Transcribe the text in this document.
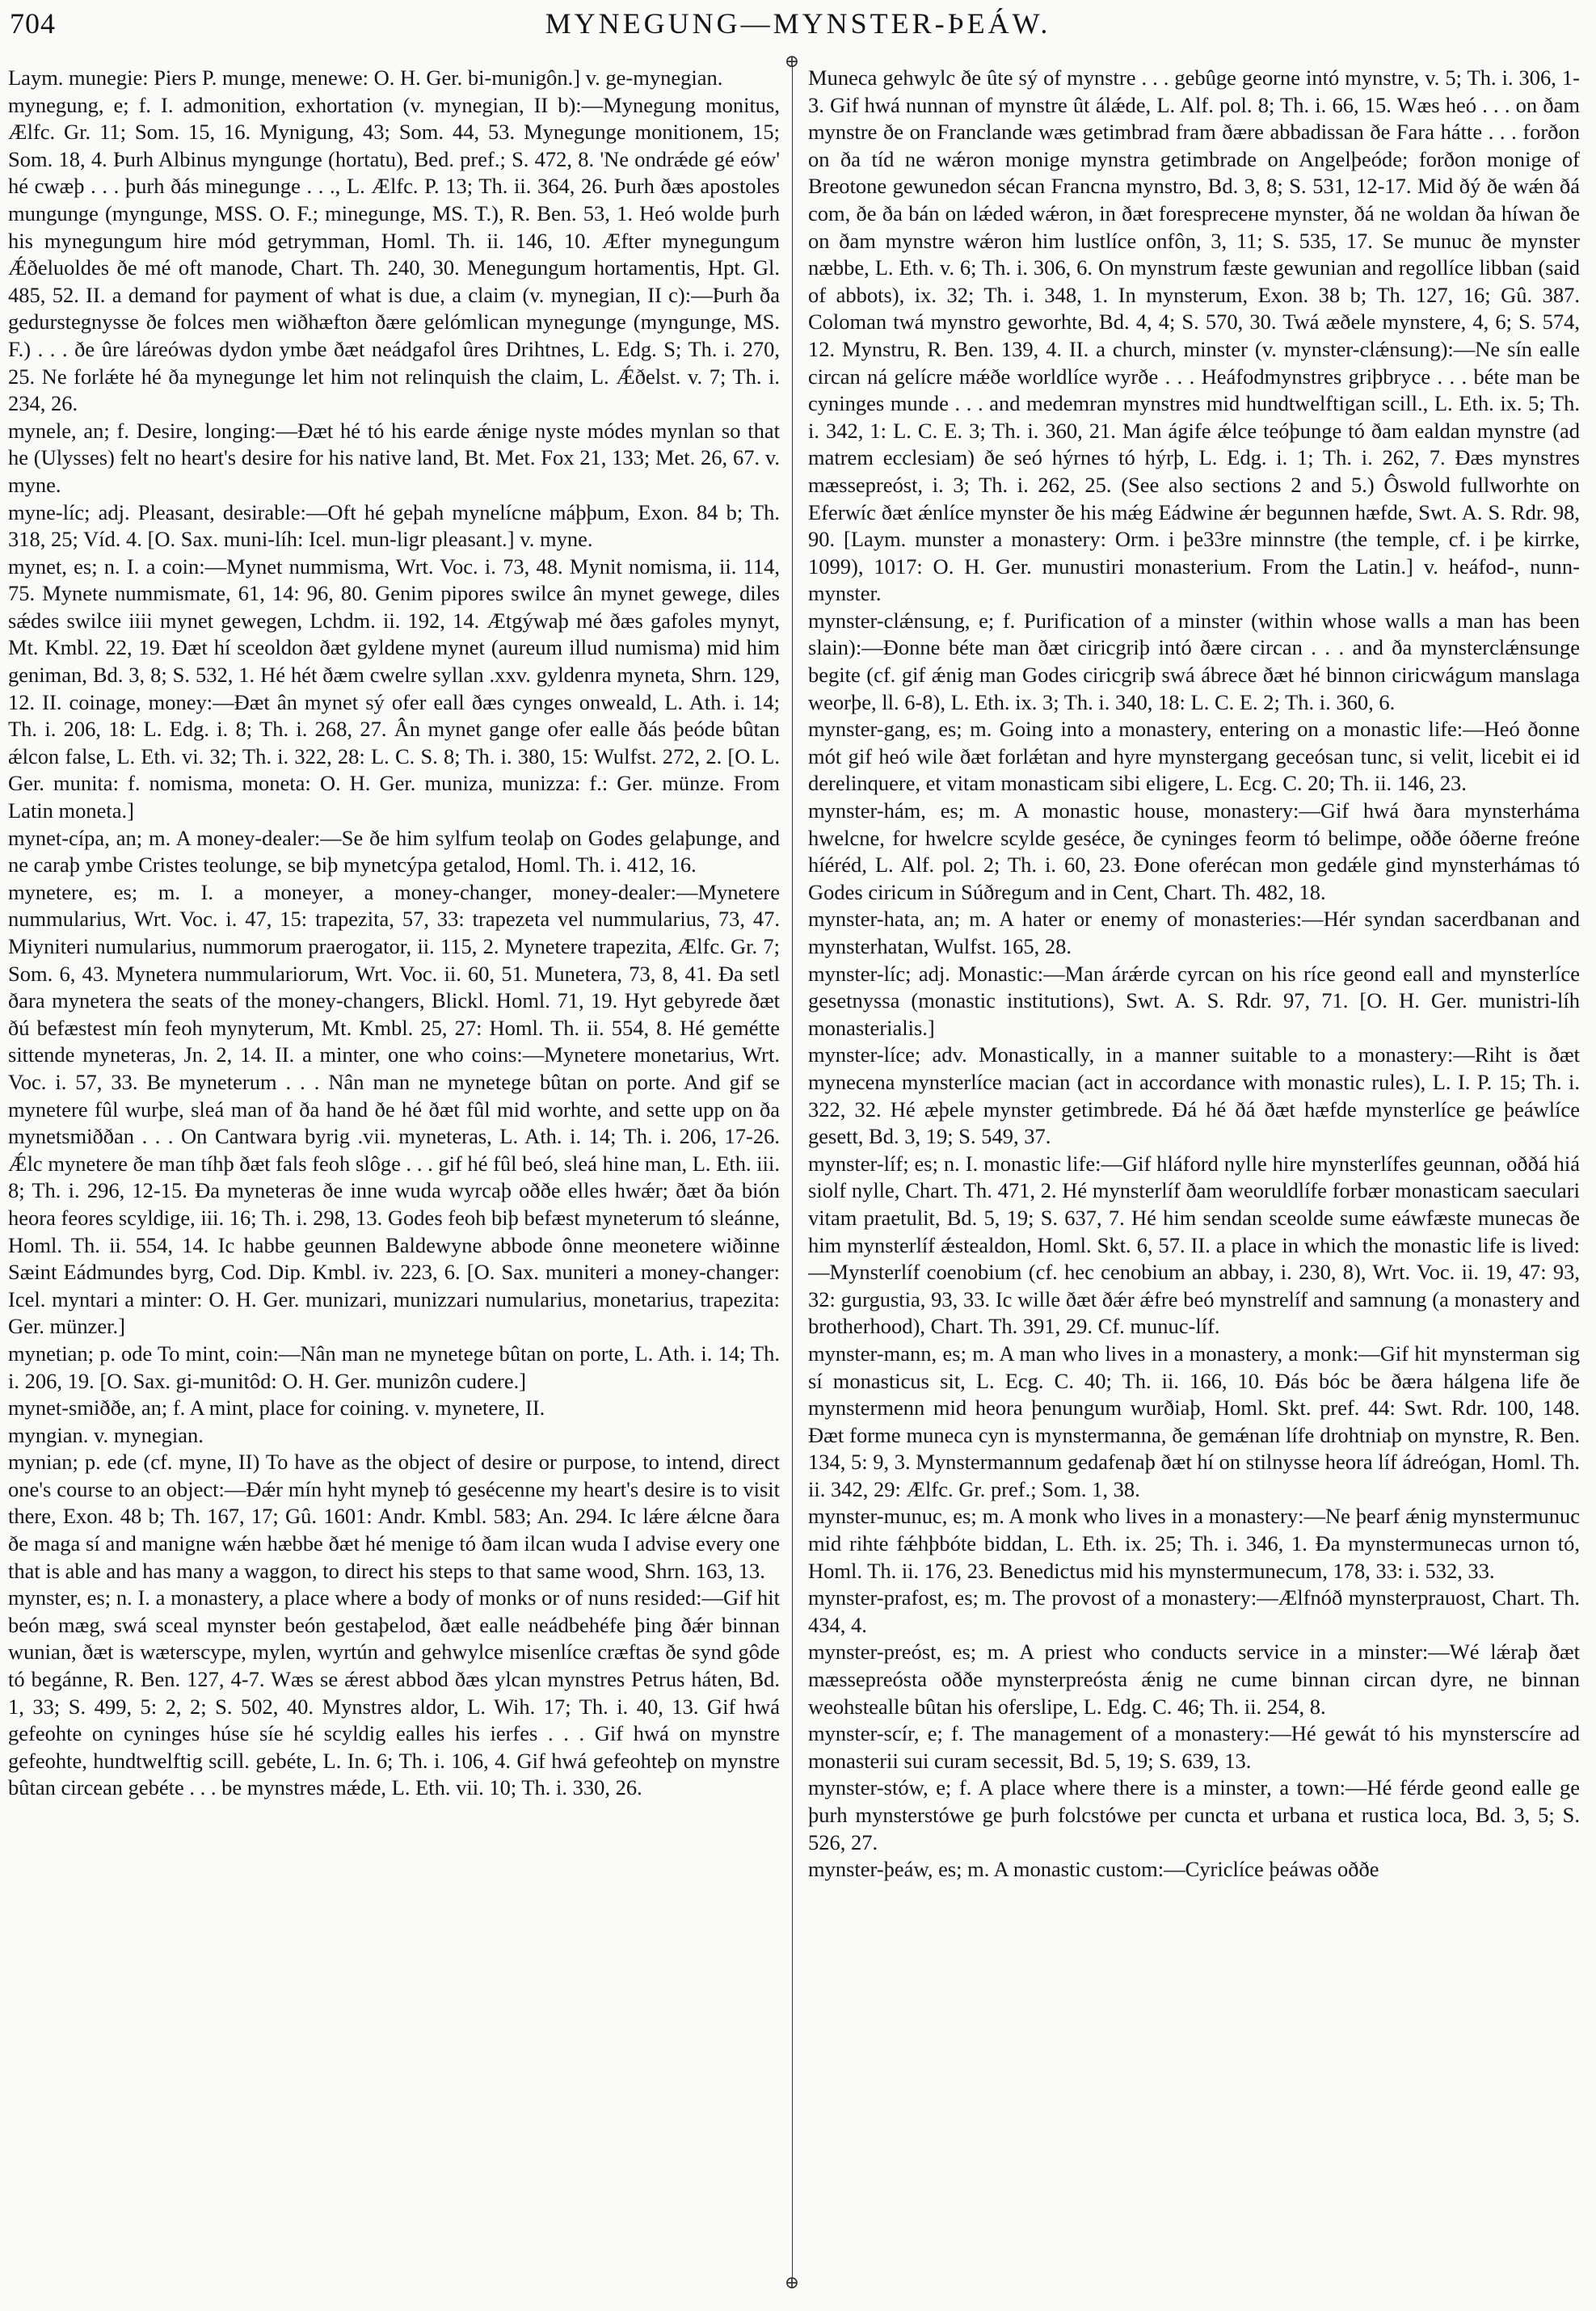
704	MYNEGUNG—MYNSTER-ÞEÁW.
⊕
⊕

Laym. munegie: Piers P. munge, menewe: O. H. Ger. bi-munigôn.] v. ge-mynegian.

mynegung, e; f. I. admonition, exhortation (v. mynegian, II b):—Mynegung monitus, Ælfc. Gr. 11; Som. 15, 16. Mynigung, 43; Som. 44, 53. Mynegunge monitionem, 15; Som. 18, 4. Þurh Albinus myngunge (hortatu), Bed. pref.; S. 472, 8. 'Ne ondrǽde gé eów' hé cwæþ . . . þurh ðás minegunge . . ., L. Ælfc. P. 13; Th. ii. 364, 26. Þurh ðæs apostoles mungunge (myngunge, MSS. O. F.; minegunge, MS. T.), R. Ben. 53, 1. Heó wolde þurh his mynegungum hire mód getrymman, Homl. Th. ii. 146, 10. Æfter mynegungum Ǽðeluoldes ðe mé oft manode, Chart. Th. 240, 30. Menegungum hortamentis, Hpt. Gl. 485, 52. II. a demand for payment of what is due, a claim (v. mynegian, II c):—Þurh ða gedurstegnysse ðe folces men wiðhæfton ðære gelómlican mynegunge (myngunge, MS. F.) . . . ðe ûre láreówas dydon ymbe ðæt neádgafol ûres Drihtnes, L. Edg. S; Th. i. 270, 25. Ne forlǽte hé ða mynegunge let him not relinquish the claim, L. Ǽðelst. v. 7; Th. i. 234, 26.

mynele, an; f. Desire, longing:—Ðæt hé tó his earde ǽnige nyste módes mynlan so that he (Ulysses) felt no heart's desire for his native land, Bt. Met. Fox 21, 133; Met. 26, 67. v. myne.

myne-líc; adj. Pleasant, desirable:—Oft hé geþah mynelícne máþþum, Exon. 84 b; Th. 318, 25; Víd. 4. [O. Sax. muni-líh: Icel. mun-ligr pleasant.] v. myne.

mynet, es; n. I. a coin:—Mynet nummisma, Wrt. Voc. i. 73, 48. Mynit nomisma, ii. 114, 75. Mynete nummismate, 61, 14: 96, 80. Genim pipores swilce ân mynet gewege, diles sǽdes swilce iiii mynet gewegen, Lchdm. ii. 192, 14. Ætgýwaþ mé ðæs gafoles mynyt, Mt. Kmbl. 22, 19. Ðæt hí sceoldon ðæt gyldene mynet (aureum illud numisma) mid him geniman, Bd. 3, 8; S. 532, 1. Hé hét ðæm cwelre syllan .xxv. gyldenra myneta, Shrn. 129, 12. II. coinage, money:—Ðæt ân mynet sý ofer eall ðæs cynges onweald, L. Ath. i. 14; Th. i. 206, 18: L. Edg. i. 8; Th. i. 268, 27. Ân mynet gange ofer ealle ðás þeóde bûtan ǽlcon false, L. Eth. vi. 32; Th. i. 322, 28: L. C. S. 8; Th. i. 380, 15: Wulfst. 272, 2. [O. L. Ger. munita: f. nomisma, moneta: O. H. Ger. muniza, munizza: f.: Ger. münze. From Latin moneta.]

mynet-cípa, an; m. A money-dealer:—Se ðe him sylfum teolaþ on Godes gelaþunge, and ne caraþ ymbe Cristes teolunge, se biþ mynetcýpa getalod, Homl. Th. i. 412, 16.

mynetere, es; m. I. a moneyer, a money-changer, money-dealer:—Mynetere nummularius, Wrt. Voc. i. 47, 15: trapezita, 57, 33: trapezeta vel nummularius, 73, 47. Miyniteri numularius, nummorum praerogator, ii. 115, 2. Mynetere trapezita, Ælfc. Gr. 7; Som. 6, 43. Mynetera nummulariorum, Wrt. Voc. ii. 60, 51. Munetera, 73, 8, 41. Ða setl ðara mynetera the seats of the money-changers, Blickl. Homl. 71, 19. Hyt gebyrede ðæt ðú befæstest mín feoh mynyterum, Mt. Kmbl. 25, 27: Homl. Th. ii. 554, 8. Hé gemétte sittende myneteras, Jn. 2, 14. II. a minter, one who coins:—Mynetere monetarius, Wrt. Voc. i. 57, 33. Be myneterum . . . Nân man ne mynetege bûtan on porte. And gif se mynetere fûl wurþe, sleá man of ða hand ðe hé ðæt fûl mid worhte, and sette upp on ða mynetsmiððan . . . On Cantwara byrig .vii. myneteras, L. Ath. i. 14; Th. i. 206, 17-26. Ǽlc mynetere ðe man tíhþ ðæt fals feoh slôge . . . gif hé fûl beó, sleá hine man, L. Eth. iii. 8; Th. i. 296, 12-15. Ða myneteras ðe inne wuda wyrcaþ oððe elles hwǽr; ðæt ða bión heora feores scyldige, iii. 16; Th. i. 298, 13. Godes feoh biþ befæst myneterum tó sleánne, Homl. Th. ii. 554, 14. Ic habbe geunnen Baldewyne abbode ônne meonetere wiðinne Sæint Eádmundes byrg, Cod. Dip. Kmbl. iv. 223, 6. [O. Sax. muniteri a money-changer: Icel. myntari a minter: O. H. Ger. munizari, munizzari numularius, monetarius, trapezita: Ger. münzer.]

mynetian; p. ode To mint, coin:—Nân man ne mynetege bûtan on porte, L. Ath. i. 14; Th. i. 206, 19. [O. Sax. gi-munitôd: O. H. Ger. munizôn cudere.]

mynet-smiððe, an; f. A mint, place for coining. v. mynetere, II.

myngian. v. mynegian.

mynian; p. ede (cf. myne, II) To have as the object of desire or purpose, to intend, direct one's course to an object:—Ðǽr mín hyht myneþ tó gesécenne my heart's desire is to visit there, Exon. 48 b; Th. 167, 17; Gû. 1601: Andr. Kmbl. 583; An. 294. Ic lǽre ǽlcne ðara ðe maga sí and manigne wǽn hæbbe ðæt hé menige tó ðam ilcan wuda I advise every one that is able and has many a waggon, to direct his steps to that same wood, Shrn. 163, 13.

mynster, es; n. I. a monastery, a place where a body of monks or of nuns resided:—Gif hit beón mæg, swá sceal mynster beón gestaþelod, ðæt ealle neádbehéfe þing ðǽr binnan wunian, ðæt is wæterscype, mylen, wyrtún and gehwylce misenlíce cræftas ðe synd gôde tó begánne, R. Ben. 127, 4-7. Wæs se ǽrest abbod ðæs ylcan mynstres Petrus háten, Bd. 1, 33; S. 499, 5: 2, 2; S. 502, 40. Mynstres aldor, L. Wih. 17; Th. i. 40, 13. Gif hwá gefeohte on cyninges húse síe hé scyldig ealles his ierfes . . . Gif hwá on mynstre gefeohte, hundtwelftig scill. gebéte, L. In. 6; Th. i. 106, 4. Gif hwá gefeohteþ on mynstre bûtan circean gebéte . . . be mynstres mǽde, L. Eth. vii. 10; Th. i. 330, 26.

Muneca gehwylc ðe ûte sý of mynstre . . . gebûge georne intó mynstre, v. 5; Th. i. 306, 1-3. Gif hwá nunnan of mynstre ût álǽde, L. Alf. pol. 8; Th. i. 66, 15. Wæs heó . . . on ðam mynstre ðe on Franclande wæs getimbrad fram ðære abbadissan ðe Fara hátte . . . forðon on ða tíd ne wǽron monige mynstra getimbrade on Angelþeóde; forðon monige of Breotone gewunedon sécan Francna mynstro, Bd. 3, 8; S. 531, 12-17. Mid ðý ðe wǽn ðá com, ðe ða bán on lǽded wǽron, in ðæt forespreceне mynster, ðá ne woldan ða híwan ðe on ðam mynstre wǽron him lustlíce onfôn, 3, 11; S. 535, 17. Se munuc ðe mynster næbbe, L. Eth. v. 6; Th. i. 306, 6. On mynstrum fæste gewunian and regollíce libban (said of abbots), ix. 32; Th. i. 348, 1. In mynsterum, Exon. 38 b; Th. 127, 16; Gû. 387. Coloman twá mynstro geworhte, Bd. 4, 4; S. 570, 30. Twá æðele mynstere, 4, 6; S. 574, 12. Mynstru, R. Ben. 139, 4. II. a church, minster (v. mynster-clǽnsung):—Ne sín ealle circan ná gelícre mǽðe worldlíce wyrðe . . . Heáfodmynstres griþbryce . . . béte man be cyninges munde . . . and medemran mynstres mid hundtwelftigan scill., L. Eth. ix. 5; Th. i. 342, 1: L. C. E. 3; Th. i. 360, 21. Man ágife ǽlce teóþunge tó ðam ealdan mynstre (ad matrem ecclesiam) ðe seó hýrnes tó hýrþ, L. Edg. i. 1; Th. i. 262, 7. Ðæs mynstres mæssepreóst, i. 3; Th. i. 262, 25. (See also sections 2 and 5.) Ôswold fullworhte on Eferwíc ðæt ǽnlíce mynster ðe his mǽg Eádwine ǽr begunnen hæfde, Swt. A. S. Rdr. 98, 90. [Laym. munster a monastery: Orm. i þe33re minnstre (the temple, cf. i þe kirrke, 1099), 1017: O. H. Ger. munustiri monasterium. From the Latin.] v. heáfod-, nunn-mynster.

mynster-clǽnsung, e; f. Purification of a minster (within whose walls a man has been slain):—Ðonne béte man ðæt ciricgriþ intó ðære circan . . . and ða mynsterclǽnsunge begite (cf. gif ǽnig man Godes ciricgriþ swá ábrece ðæt hé binnon ciricwágum manslaga weorþe, ll. 6-8), L. Eth. ix. 3; Th. i. 340, 18: L. C. E. 2; Th. i. 360, 6.

mynster-gang, es; m. Going into a monastery, entering on a monastic life:—Heó ðonne mót gif heó wile ðæt forlǽtan and hyre mynstergang geceósan tunc, si velit, licebit ei id derelinquere, et vitam monasticam sibi eligere, L. Ecg. C. 20; Th. ii. 146, 23.

mynster-hám, es; m. A monastic house, monastery:—Gif hwá ðara mynsterháma hwelcne, for hwelcre scylde geséce, ðe cyninges feorm tó belimpe, oððe óðerne freóne híéréd, L. Alf. pol. 2; Th. i. 60, 23. Ðone oferécan mon gedǽle gind mynsterhámas tó Godes ciricum in Súðregum and in Cent, Chart. Th. 482, 18.

mynster-hata, an; m. A hater or enemy of monasteries:—Hér syndan sacerdbanan and mynsterhatan, Wulfst. 165, 28.

mynster-líc; adj. Monastic:—Man árǽrde cyrcan on his ríce geond eall and mynsterlíce gesetnyssa (monastic institutions), Swt. A. S. Rdr. 97, 71. [O. H. Ger. munistri-líh monasterialis.]

mynster-líce; adv. Monastically, in a manner suitable to a monastery:—Riht is ðæt mynecena mynsterlíce macian (act in accordance with monastic rules), L. I. P. 15; Th. i. 322, 32. Hé æþele mynster getimbrede. Ðá hé ðá ðæt hæfde mynsterlíce ge þeáwlíce gesett, Bd. 3, 19; S. 549, 37.

mynster-líf; es; n. I. monastic life:—Gif hláford nylle hire mynsterlífes geunnan, oððá hiá siolf nylle, Chart. Th. 471, 2. Hé mynsterlíf ðam weoruldlífe forbær monasticam saeculari vitam praetulit, Bd. 5, 19; S. 637, 7. Hé him sendan sceolde sume eáwfæste munecas ðe him mynsterlíf ǽstealdon, Homl. Skt. 6, 57. II. a place in which the monastic life is lived:—Mynsterlíf coenobium (cf. hec cenobium an abbay, i. 230, 8), Wrt. Voc. ii. 19, 47: 93, 32: gurgustia, 93, 33. Ic wille ðæt ðǽr ǽfre beó mynstrelíf and samnung (a monastery and brotherhood), Chart. Th. 391, 29. Cf. munuc-líf.

mynster-mann, es; m. A man who lives in a monastery, a monk:—Gif hit mynsterman sig sí monasticus sit, L. Ecg. C. 40; Th. ii. 166, 10. Ðás bóc be ðæra hálgena life ðe mynstermenn mid heora þenungum wurðiaþ, Homl. Skt. pref. 44: Swt. Rdr. 100, 148. Ðæt forme muneca cyn is mynstermanna, ðe gemǽnan lífe drohtniaþ on mynstre, R. Ben. 134, 5: 9, 3. Mynstermannum gedafenaþ ðæt hí on stilnysse heora líf ádreógan, Homl. Th. ii. 342, 29: Ælfc. Gr. pref.; Som. 1, 38.

mynster-munuc, es; m. A monk who lives in a monastery:—Ne þearf ǽnig mynstermunuc mid rihte fǽhþbóte biddan, L. Eth. ix. 25; Th. i. 346, 1. Ða mynstermunecas urnon tó, Homl. Th. ii. 176, 23. Benedictus mid his mynstermunecum, 178, 33: i. 532, 33.

mynster-prafost, es; m. The provost of a monastery:—Ælfnóð mynsterprauost, Chart. Th. 434, 4.

mynster-preóst, es; m. A priest who conducts service in a minster:—Wé lǽraþ ðæt mæssepreósta oððe mynsterpreósta ǽnig ne cume binnan circan dyre, ne binnan weohstealle bûtan his oferslipe, L. Edg. C. 46; Th. ii. 254, 8.

mynster-scír, e; f. The management of a monastery:—Hé gewát tó his mynsterscíre ad monasterii sui curam secessit, Bd. 5, 19; S. 639, 13.

mynster-stów, e; f. A place where there is a minster, a town:—Hé férde geond ealle ge þurh mynsterstówe ge þurh folcstówe per cuncta et urbana et rustica loca, Bd. 3, 5; S. 526, 27.

mynster-þeáw, es; m. A monastic custom:—Cyriclíce þeáwas oððe
